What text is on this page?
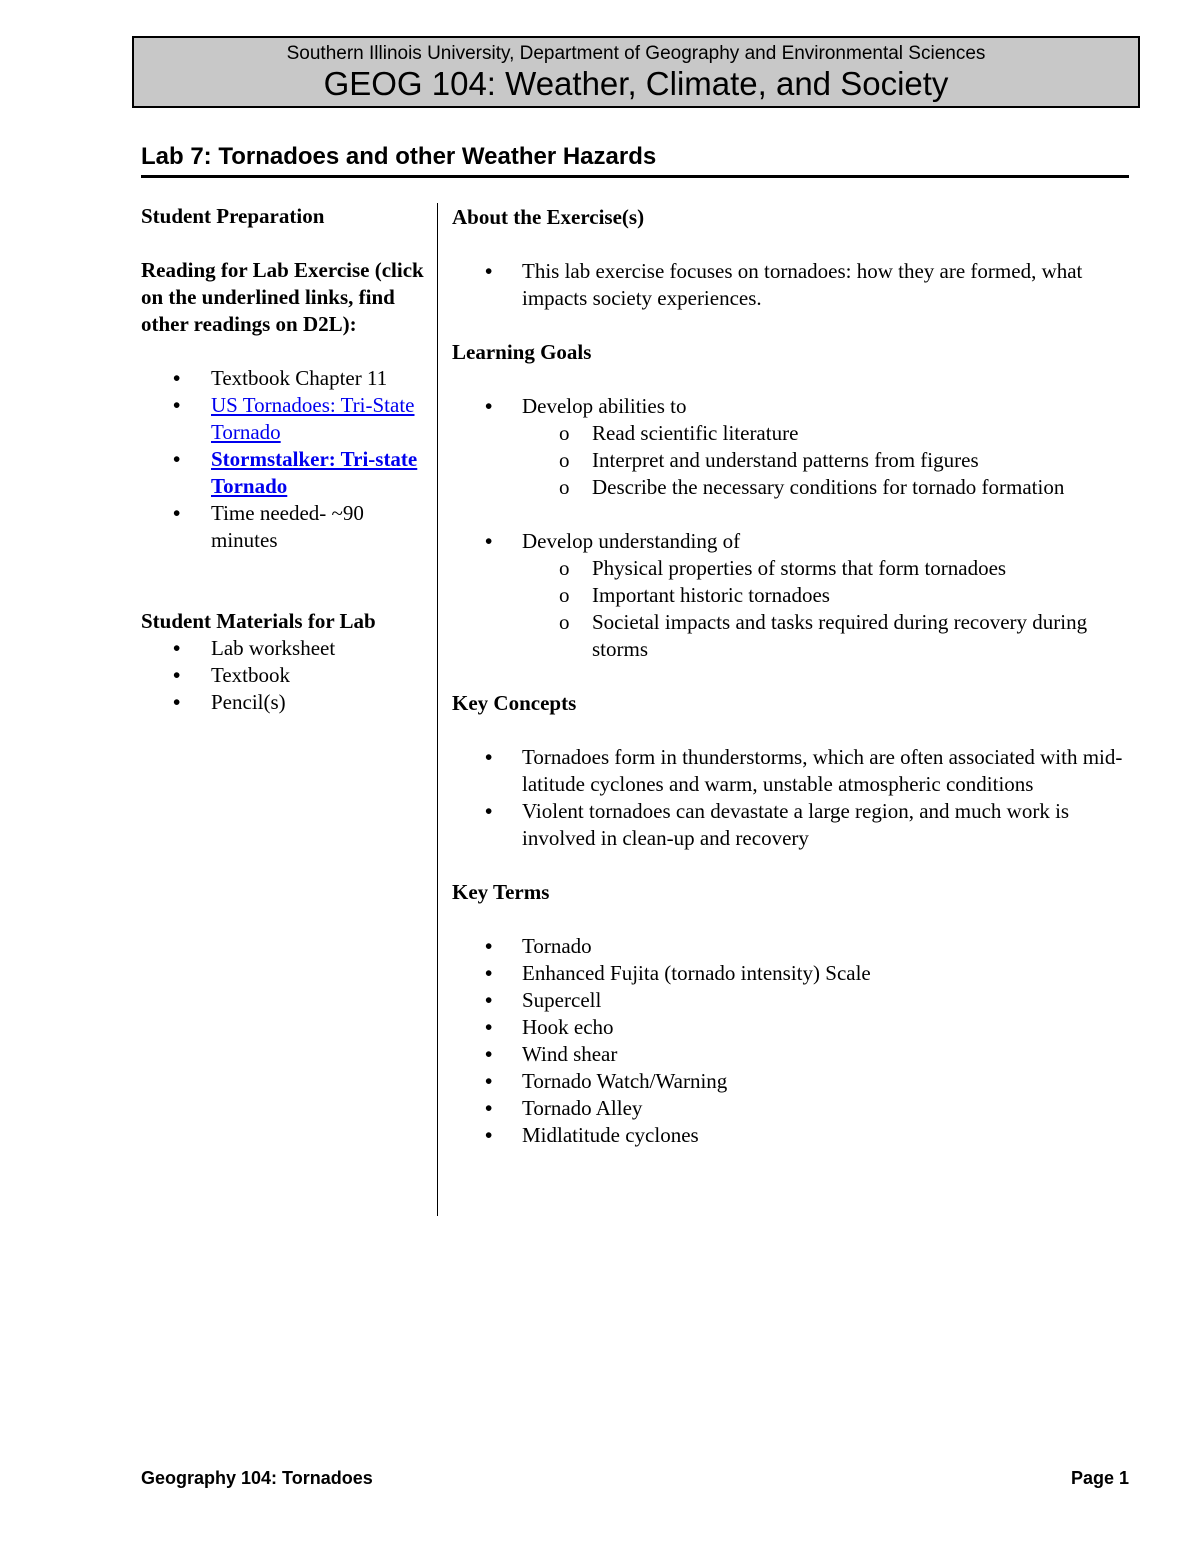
Southern Illinois University, Department of Geography and Environmental Sciences
GEOG 104: Weather, Climate, and Society
Lab 7: Tornadoes and other Weather Hazards

Student Preparation

Reading for Lab Exercise (click on the underlined links, find other readings on D2L):

• Textbook Chapter 11
• US Tornadoes: Tri-State Tornado
• Stormstalker: Tri-state Tornado
• Time needed- ~90 minutes

Student Materials for Lab

• Lab worksheet
• Textbook
• Pencil(s)

About the Exercise(s)

• This lab exercise focuses on tornadoes: how they are formed, what impacts society experiences.

Learning Goals

• Develop abilities to
o Read scientific literature
o Interpret and understand patterns from figures
o Describe the necessary conditions for tornado formation
• Develop understanding of
o Physical properties of storms that form tornadoes
o Important historic tornadoes
o Societal impacts and tasks required during recovery during storms

Key Concepts

• Tornadoes form in thunderstorms, which are often associated with mid-latitude cyclones and warm, unstable atmospheric conditions
• Violent tornadoes can devastate a large region, and much work is involved in clean-up and recovery

Key Terms

• Tornado
• Enhanced Fujita (tornado intensity) Scale
• Supercell
• Hook echo
• Wind shear
• Tornado Watch/Warning
• Tornado Alley
• Midlatitude cyclones
Geography 104: Tornadoes	Page 1
